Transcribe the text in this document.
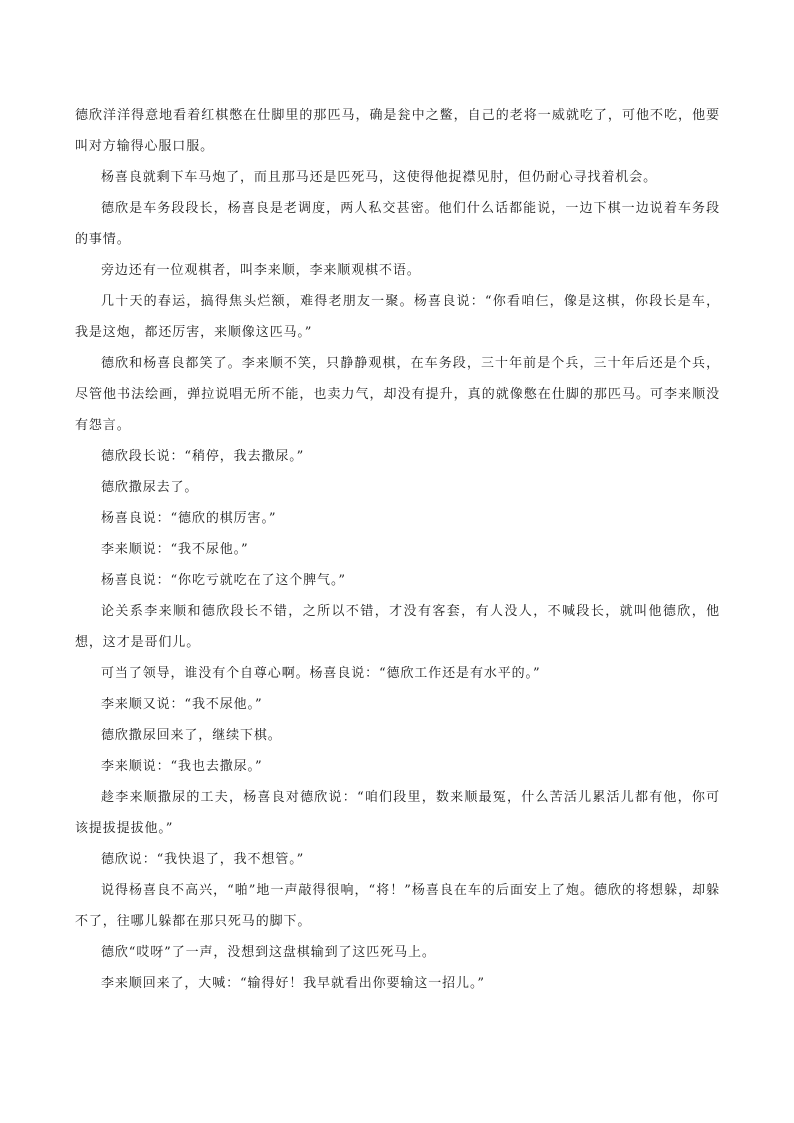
德欣洋洋得意地看着红棋憋在仕脚里的那匹马，确是瓮中之鳖，自己的老将一威就吃了，可他不吃，他要叫对方输得心服口服。

杨喜良就剩下车马炮了，而且那马还是匹死马，这使得他捉襟见肘，但仍耐心寻找着机会。

德欣是车务段段长，杨喜良是老调度，两人私交甚密。他们什么话都能说，一边下棋一边说着车务段的事情。

旁边还有一位观棋者，叫李来顺，李来顺观棋不语。

几十天的春运，搞得焦头烂额，难得老朋友一聚。杨喜良说：“你看咱仨，像是这棋，你段长是车，我是这炮，都还厉害，来顺像这匹马。”

德欣和杨喜良都笑了。李来顺不笑，只静静观棋，在车务段，三十年前是个兵，三十年后还是个兵，尽管他书法绘画，弹拉说唱无所不能，也卖力气，却没有提升，真的就像憋在仕脚的那匹马。可李来顺没有怨言。

德欣段长说：“稍停，我去撒尿。”

德欣撒尿去了。

杨喜良说：“德欣的棋厉害。”

李来顺说：“我不尿他。”

杨喜良说：“你吃亏就吃在了这个脾气。”

论关系李来顺和德欣段长不错，之所以不错，才没有客套，有人没人，不喊段长，就叫他德欣，他想，这才是哥们儿。

可当了领导，谁没有个自尊心啊。杨喜良说：“德欣工作还是有水平的。”

李来顺又说：“我不尿他。”

德欣撒尿回来了，继续下棋。

李来顺说：“我也去撒尿。”

趁李来顺撒尿的工夫，杨喜良对德欣说：“咱们段里，数来顺最冤，什么苦活儿累活儿都有他，你可该提拔提拔他。”

德欣说：“我快退了，我不想管。”

说得杨喜良不高兴，“啪”地一声敲得很响，“将！”杨喜良在车的后面安上了炮。德欣的将想躲，却躲不了，往哪儿躲都在那只死马的脚下。

德欣“哎呀”了一声，没想到这盘棋输到了这匹死马上。

李来顺回来了，大喊：“输得好！我早就看出你要输这一招儿。”
